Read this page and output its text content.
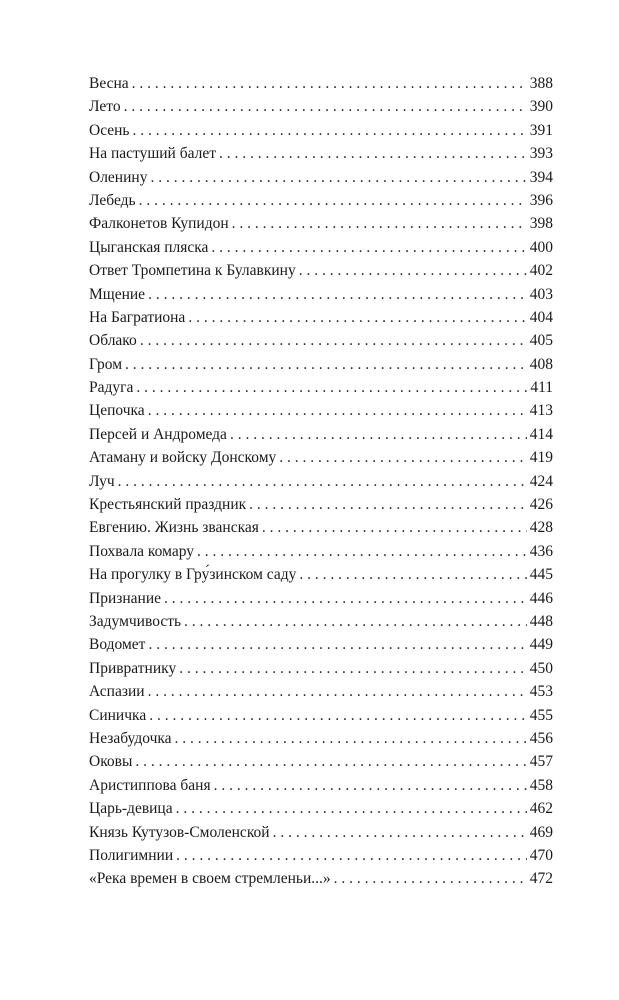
Весна . . .	388
Лето . . .	390
Осень . . .	391
На пастуший балет . . .	393
Оленину . . .	394
Лебедь . . .	396
Фалконетов Купидон . . .	398
Цыганская пляска . . .	400
Ответ Тромпетина к Булавкину . . .	402
Мщение . . .	403
На Багратиона . . .	404
Облако . . .	405
Гром . . .	408
Радуга . . .	411
Цепочка . . .	413
Персей и Андромеда . . .	414
Атаману и войску Донскому . . .	419
Луч . . .	424
Крестьянский праздник . . .	426
Евгению. Жизнь званская . . .	428
Похвала комару . . .	436
На прогулку в Гру́зинском саду . . .	445
Признание . . .	446
Задумчивость . . .	448
Водомет . . .	449
Привратнику . . .	450
Аспазии . . .	453
Синичка . . .	455
Незабудочка . . .	456
Оковы . . .	457
Аристиппова баня . . .	458
Царь-девица . . .	462
Князь Кутузов-Смоленской . . .	469
Полигимнии . . .	470
«Река времен в своем стремленьи...» . . .	472
